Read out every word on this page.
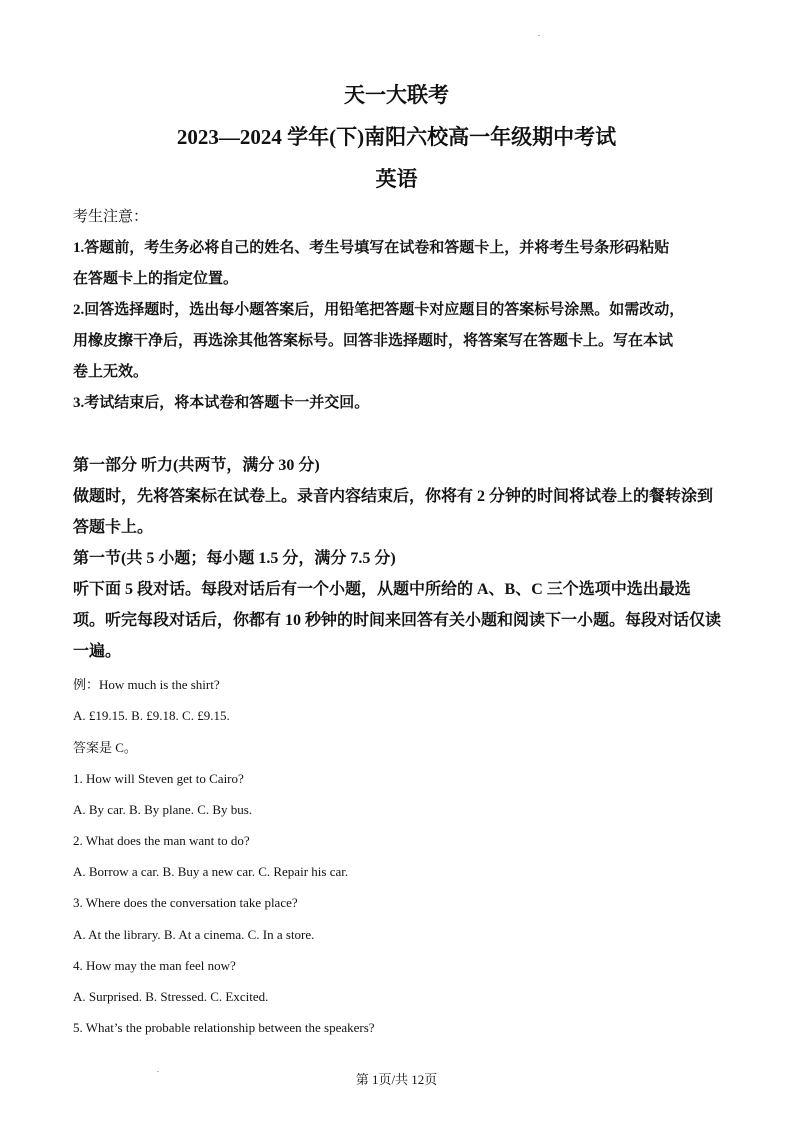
.
天一大联考
2023—2024 学年(下)南阳六校高一年级期中考试
英语

考生注意：

1.答题前，考生务必将自己的姓名、考生号填写在试卷和答题卡上，并将考生号条形码粘贴

在答题卡上的指定位置。

2.回答选择题时，选出每小题答案后，用铅笔把答题卡对应题目的答案标号涂黑。如需改动，

用橡皮擦干净后，再选涂其他答案标号。回答非选择题时，将答案写在答题卡上。写在本试

卷上无效。

3.考试结束后，将本试卷和答题卡一并交回。

第一部分 听力(共两节，满分 30 分)

做题时，先将答案标在试卷上。录音内容结束后，你将有 2 分钟的时间将试卷上的餐转涂到

答题卡上。

第一节(共 5 小题；每小题 1.5 分，满分 7.5 分)

听下面 5 段对话。每段对话后有一个小题，从题中所给的 A、B、C 三个选项中选出最选

项。听完每段对话后，你都有 10 秒钟的时间来回答有关小题和阅读下一小题。每段对话仅读

一遍。

例：How much is the shirt?
A. £19.15. B. £9.18. C. £9.15.
答案是 C。
1. How will Steven get to Cairo?
A. By car. B. By plane. C. By bus.
2. What does the man want to do?
A. Borrow a car. B. Buy a new car. C. Repair his car.
3. Where does the conversation take place?
A. At the library. B. At a cinema. C. In a store.
4. How may the man feel now?
A. Surprised. B. Stressed. C. Excited.
5. What’s the probable relationship between the speakers?
.
第 1页/共 12页
